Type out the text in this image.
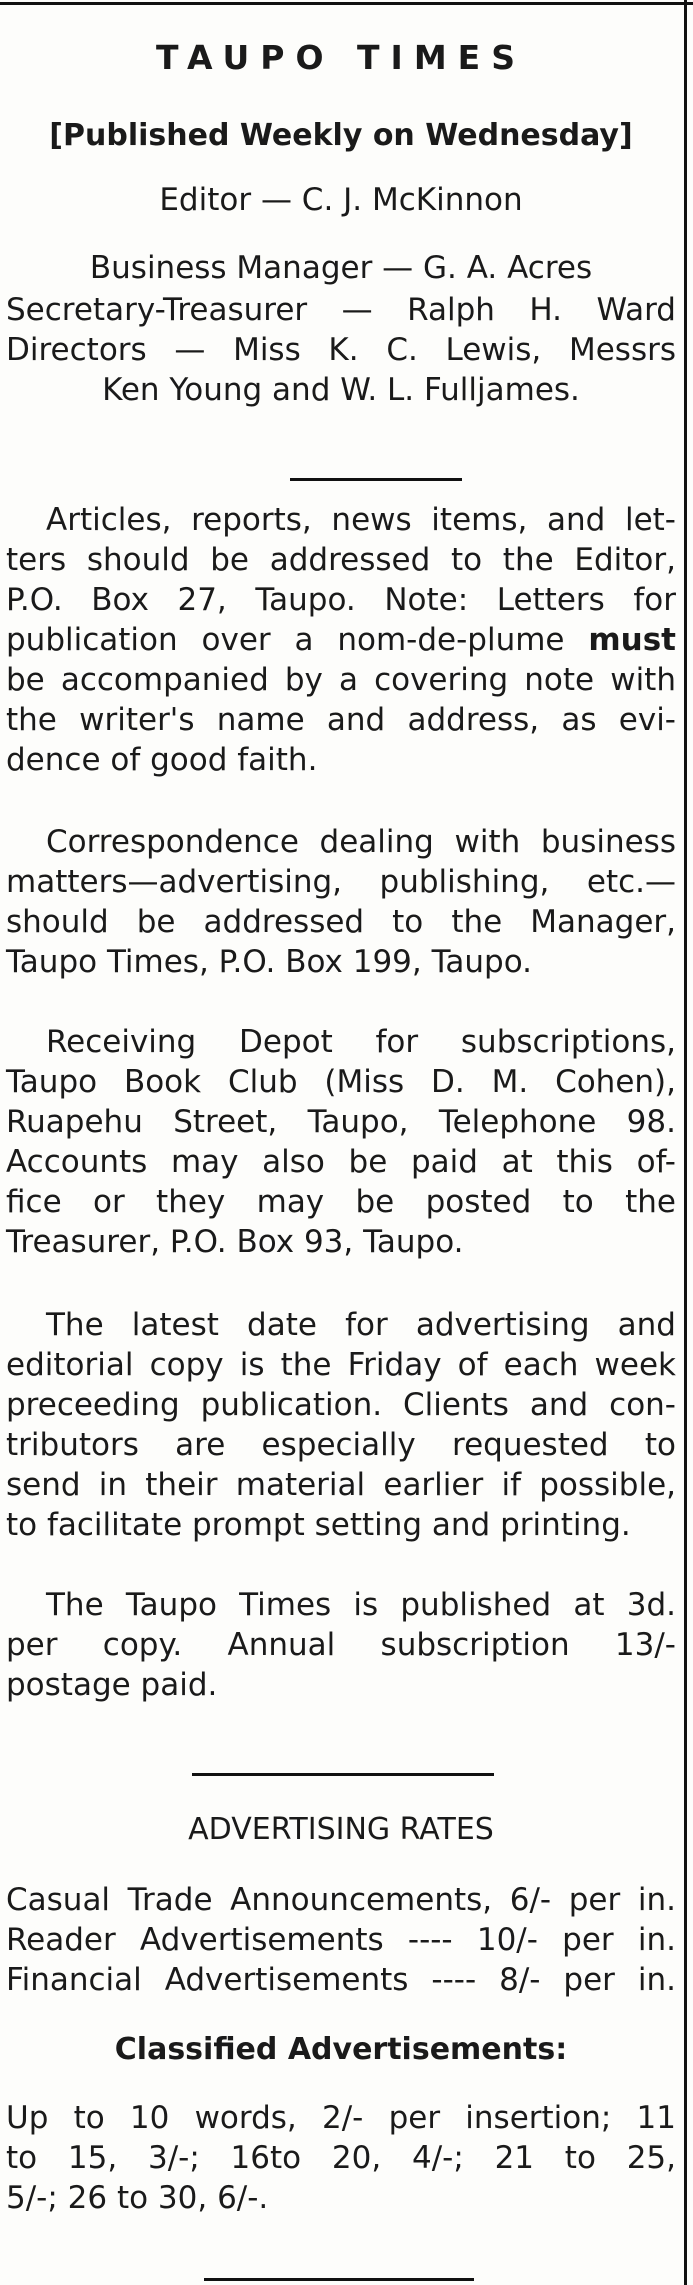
TAUPO TIMES
[Published Weekly on Wednesday]
Editor — C. J. McKinnon
Business Manager — G. A. Acres
Secretary-Treasurer — Ralph H. Ward
Directors — Miss K. C. Lewis, Messrs
Ken Young and W. L. Fulljames.
Articles, reports, news items, and let-
ters should be addressed to the Editor,
P.O. Box 27, Taupo. Note: Letters for
publication over a nom-de-plume must
be accompanied by a covering note with
the writer's name and address, as evi-
dence of good faith.
Correspondence dealing with business
matters—advertising, publishing, etc.—
should be addressed to the Manager,
Taupo Times, P.O. Box 199, Taupo.
Receiving Depot for subscriptions,
Taupo Book Club (Miss D. M. Cohen),
Ruapehu Street, Taupo, Telephone 98.
Accounts may also be paid at this of-
fice or they may be posted to the
Treasurer, P.O. Box 93, Taupo.
The latest date for advertising and
editorial copy is the Friday of each week
preceeding publication. Clients and con-
tributors are especially requested to
send in their material earlier if possible,
to facilitate prompt setting and printing.
The Taupo Times is published at 3d.
per copy. Annual subscription 13/-
postage paid.
ADVERTISING RATES
Casual Trade Announcements, 6/- per in.
Reader Advertisements ---- 10/- per in.
Financial Advertisements ---- 8/- per in.
Classified Advertisements:
Up to 10 words, 2/- per insertion; 11
to 15, 3/-; 16to 20, 4/-; 21 to 25,
5/-; 26 to 30, 6/-.
